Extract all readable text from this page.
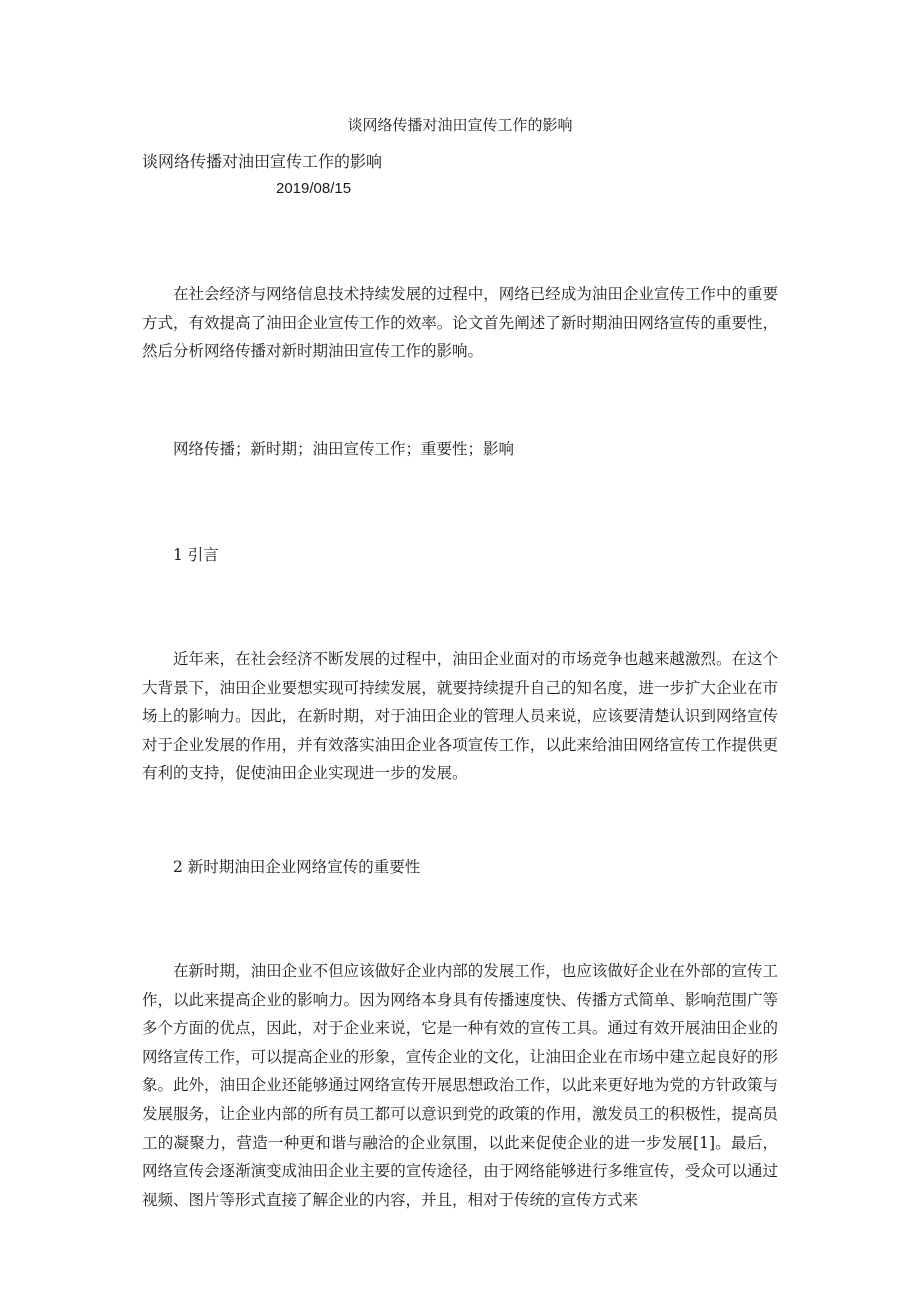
谈网络传播对油田宣传工作的影响
谈网络传播对油田宣传工作的影响
2019/08/15

在社会经济与网络信息技术持续发展的过程中，网络已经成为油田企业宣传工作中的重要方式，有效提高了油田企业宣传工作的效率。论文首先阐述了新时期油田网络宣传的重要性，然后分析网络传播对新时期油田宣传工作的影响。

网络传播；新时期；油田宣传工作；重要性；影响
1 引言

近年来，在社会经济不断发展的过程中，油田企业面对的市场竞争也越来越激烈。在这个大背景下，油田企业要想实现可持续发展，就要持续提升自己的知名度，进一步扩大企业在市场上的影响力。因此，在新时期，对于油田企业的管理人员来说，应该要清楚认识到网络宣传对于企业发展的作用，并有效落实油田企业各项宣传工作，以此来给油田网络宣传工作提供更有利的支持，促使油田企业实现进一步的发展。

2 新时期油田企业网络宣传的重要性

在新时期，油田企业不但应该做好企业内部的发展工作，也应该做好企业在外部的宣传工作，以此来提高企业的影响力。因为网络本身具有传播速度快、传播方式简单、影响范围广等多个方面的优点，因此，对于企业来说，它是一种有效的宣传工具。通过有效开展油田企业的网络宣传工作，可以提高企业的形象，宣传企业的文化，让油田企业在市场中建立起良好的形象。此外，油田企业还能够通过网络宣传开展思想政治工作，以此来更好地为党的方针政策与发展服务，让企业内部的所有员工都可以意识到党的政策的作用，激发员工的积极性，提高员工的凝聚力，营造一种更和谐与融洽的企业氛围，以此来促使企业的进一步发展[1]。最后，网络宣传会逐渐演变成油田企业主要的宣传途径，由于网络能够进行多维宣传，受众可以通过视频、图片等形式直接了解企业的内容，并且，相对于传统的宣传方式来
